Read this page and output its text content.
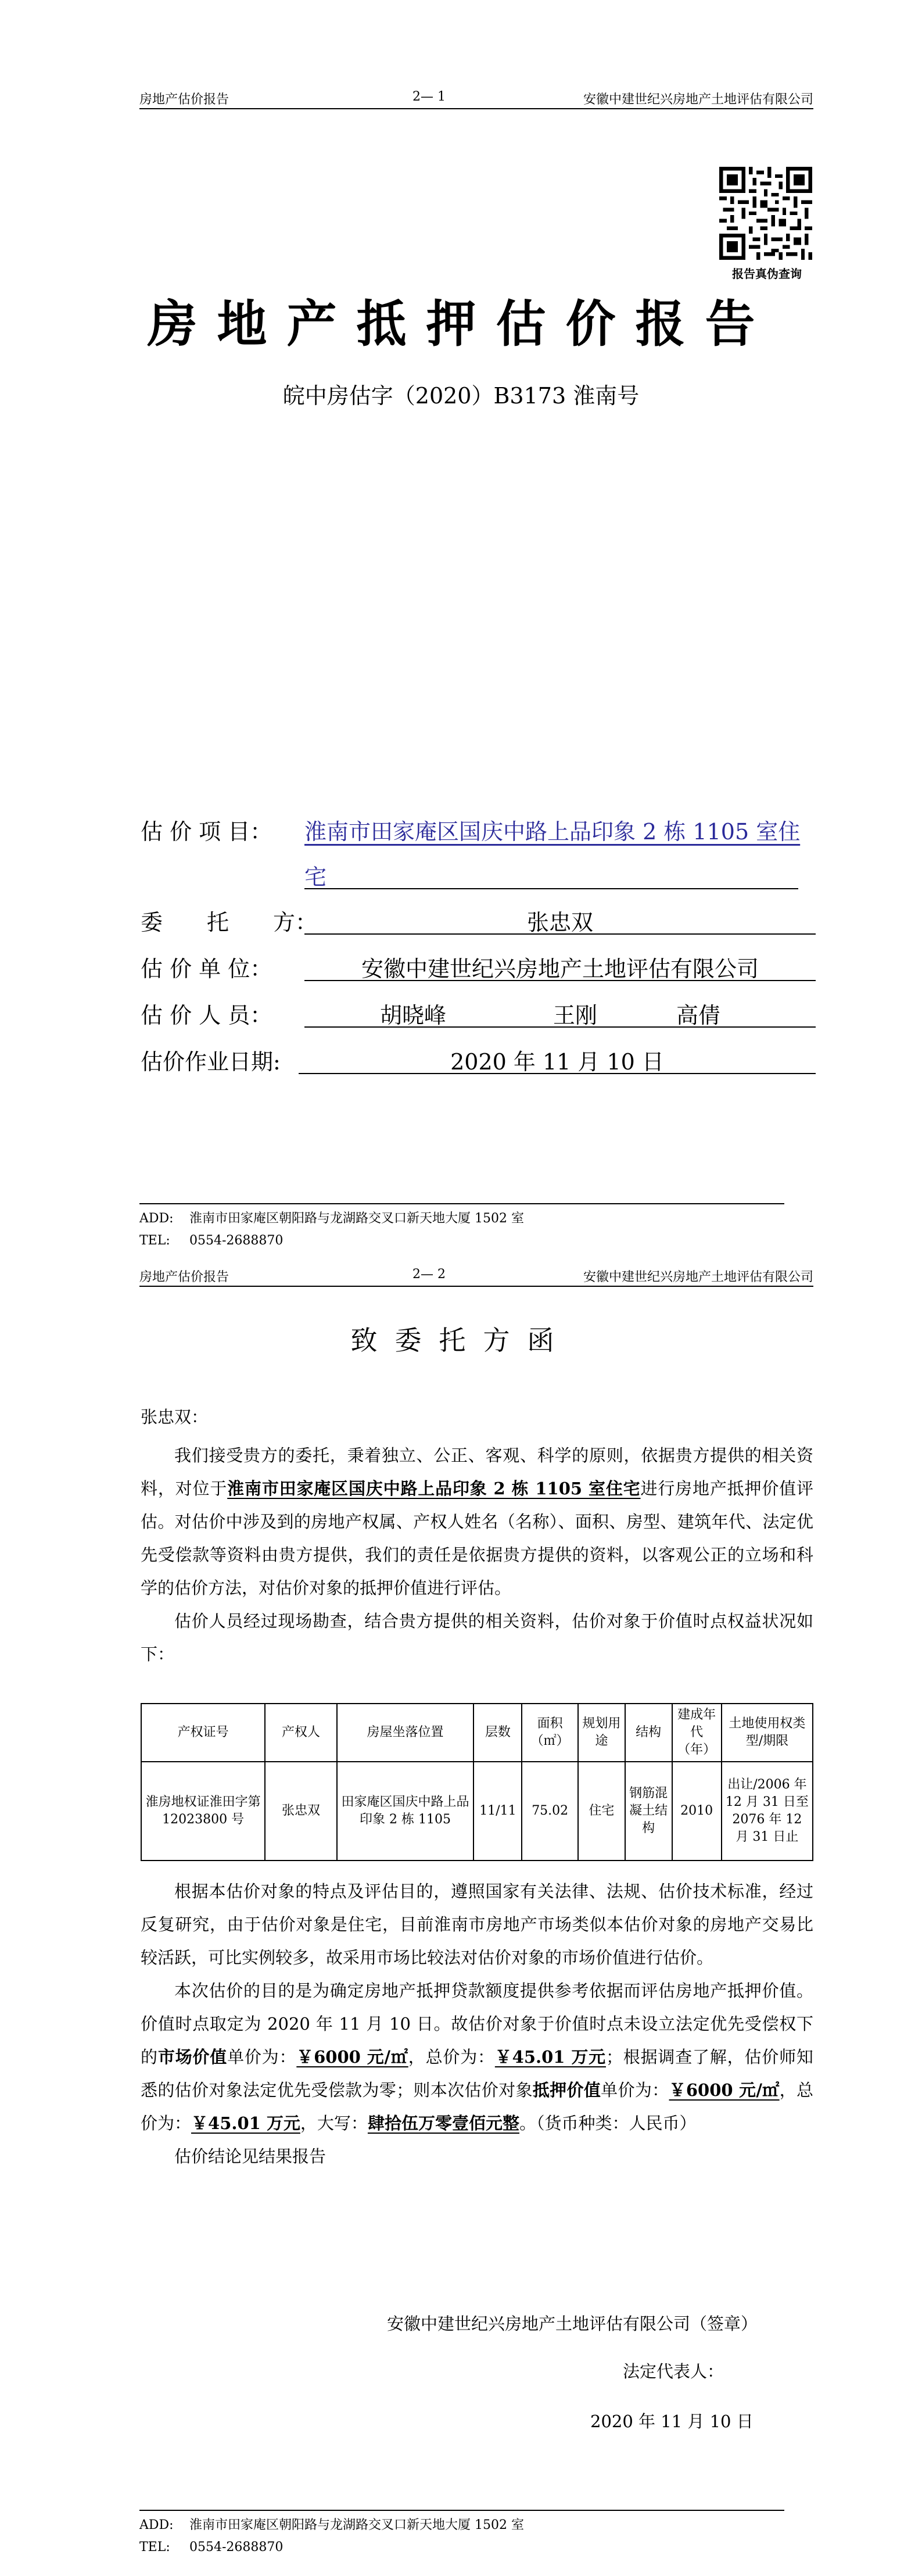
房地产估价报告	2— 1	安徽中建世纪兴房地产土地评估有限公司
报告真伪查询
房地产抵押估价报告
皖中房估字（2020）B3173 淮南号
估 价 项 目： 淮南市田家庵区国庆中路上品印象 2 栋 1105 室住
宅
委　　托　　方：	张忠双
估 价 单 位：	安徽中建世纪兴房地产土地评估有限公司
估 价 人 员：	胡晓峰	王刚	高倩
估价作业日期:	2020 年 11 月 10 日
ADD: 淮南市田家庵区朝阳路与龙湖路交叉口新天地大厦 1502 室
TEL: 0554-2688870
房地产估价报告	2— 2	安徽中建世纪兴房地产土地评估有限公司
致委托方函
张忠双：

我们接受贵方的委托，秉着独立、公正、客观、科学的原则，依据贵方提供的相关资料，对位于淮南市田家庵区国庆中路上品印象 2 栋 1105 室住宅进行房地产抵押价值评估。对估价中涉及到的房地产权属、产权人姓名（名称）、面积、房型、建筑年代、法定优先受偿款等资料由贵方提供，我们的责任是依据贵方提供的资料，以客观公正的立场和科学的估价方法，对估价对象的抵押价值进行评估。

估价人员经过现场勘查，结合贵方提供的相关资料，估价对象于价值时点权益状况如下：

产权证号	产权人	房屋坐落位置	层数	面积（㎡）	规划用途	结构	建成年代（年）	土地使用权类型/期限
淮房地权证淮田字第 12023800 号	张忠双	田家庵区国庆中路上品印象 2 栋 1105	11/11	75.02	住宅	钢筋混凝土结构	2010	出让/2006 年 12 月 31 日至 2076 年 12 月 31 日止

根据本估价对象的特点及评估目的，遵照国家有关法律、法规、估价技术标准，经过反复研究，由于估价对象是住宅，目前淮南市房地产市场类似本估价对象的房地产交易比较活跃，可比实例较多，故采用市场比较法对估价对象的市场价值进行估价。

本次估价的目的是为确定房地产抵押贷款额度提供参考依据而评估房地产抵押价值。价值时点取定为 2020 年 11 月 10 日。故估价对象于价值时点未设立法定优先受偿权下的市场价值单价为：￥6000 元/㎡，总价为：￥45.01 万元；根据调查了解，估价师知悉的估价对象法定优先受偿款为零；则本次估价对象抵押价值单价为：￥6000 元/㎡，总价为：￥45.01 万元，大写：肆拾伍万零壹佰元整。（货币种类：人民币）

估价结论见结果报告

安徽中建世纪兴房地产土地评估有限公司（签章）
法定代表人：
2020 年 11 月 10 日
ADD: 淮南市田家庵区朝阳路与龙湖路交叉口新天地大厦 1502 室
TEL: 0554-2688870
